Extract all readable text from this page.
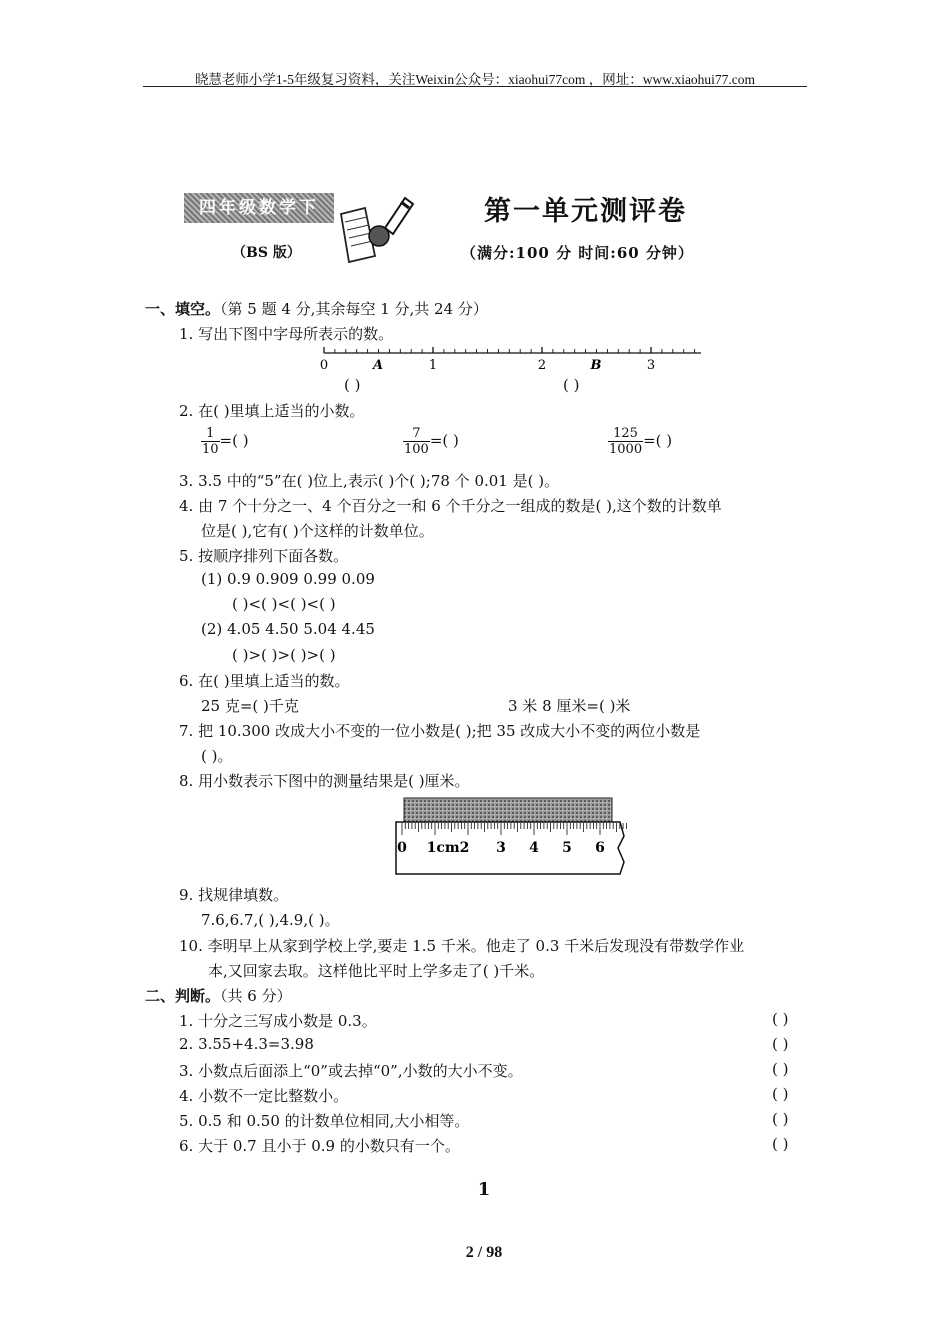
晓慧老师小学1-5年级复习资料，关注Weixin公众号：xiaohui77com ，网址：www.xiaohui77.com
四年级数学下	第一单元测评卷
（BS 版）	（满分:100 分 时间:60 分钟）
一、填空。（第 5 题 4 分,其余每空 1 分,共 24 分）
1. 写出下图中字母所表示的数。
0	A	1	2	B	3
( )	( )
2. 在( )里填上适当的小数。
$\frac{1}{10}$ =( )	$\frac{7}{100}$ =( )	$\frac{125}{1000}$ =( )
3. 3.5 中的“5”在( )位上,表示( )个( );78 个 0.01 是( )。
4. 由 7 个十分之一、4 个百分之一和 6 个千分之一组成的数是( ),这个数的计数单
位是( ),它有( )个这样的计数单位。
5. 按顺序排列下面各数。
(1) 0.9 0.909 0.99 0.09
( )<( )<( )<( )
(2) 4.05 4.50 5.04 4.45
( )>( )>( )>( )
6. 在( )里填上适当的数。
25 克=( )千克	3 米 8 厘米=( )米
7. 把 10.300 改成大小不变的一位小数是( );把 35 改成大小不变的两位小数是
( )。
8. 用小数表示下图中的测量结果是( )厘米。
0 1cm2 3 4 5 6
9. 找规律填数。
7.6,6.7,( ),4.9,( )。
10. 李明早上从家到学校上学,要走 1.5 千米。他走了 0.3 千米后发现没有带数学作业
本,又回家去取。这样他比平时上学多走了( )千米。
二、判断。（共 6 分）
1. 十分之三写成小数是 0.3。	( )
2. 3.55+4.3=3.98	( )
3. 小数点后面添上“0”或去掉“0”,小数的大小不变。	( )
4. 小数不一定比整数小。	( )
5. 0.5 和 0.50 的计数单位相同,大小相等。	( )
6. 大于 0.7 且小于 0.9 的小数只有一个。	( )
1
2 / 98
